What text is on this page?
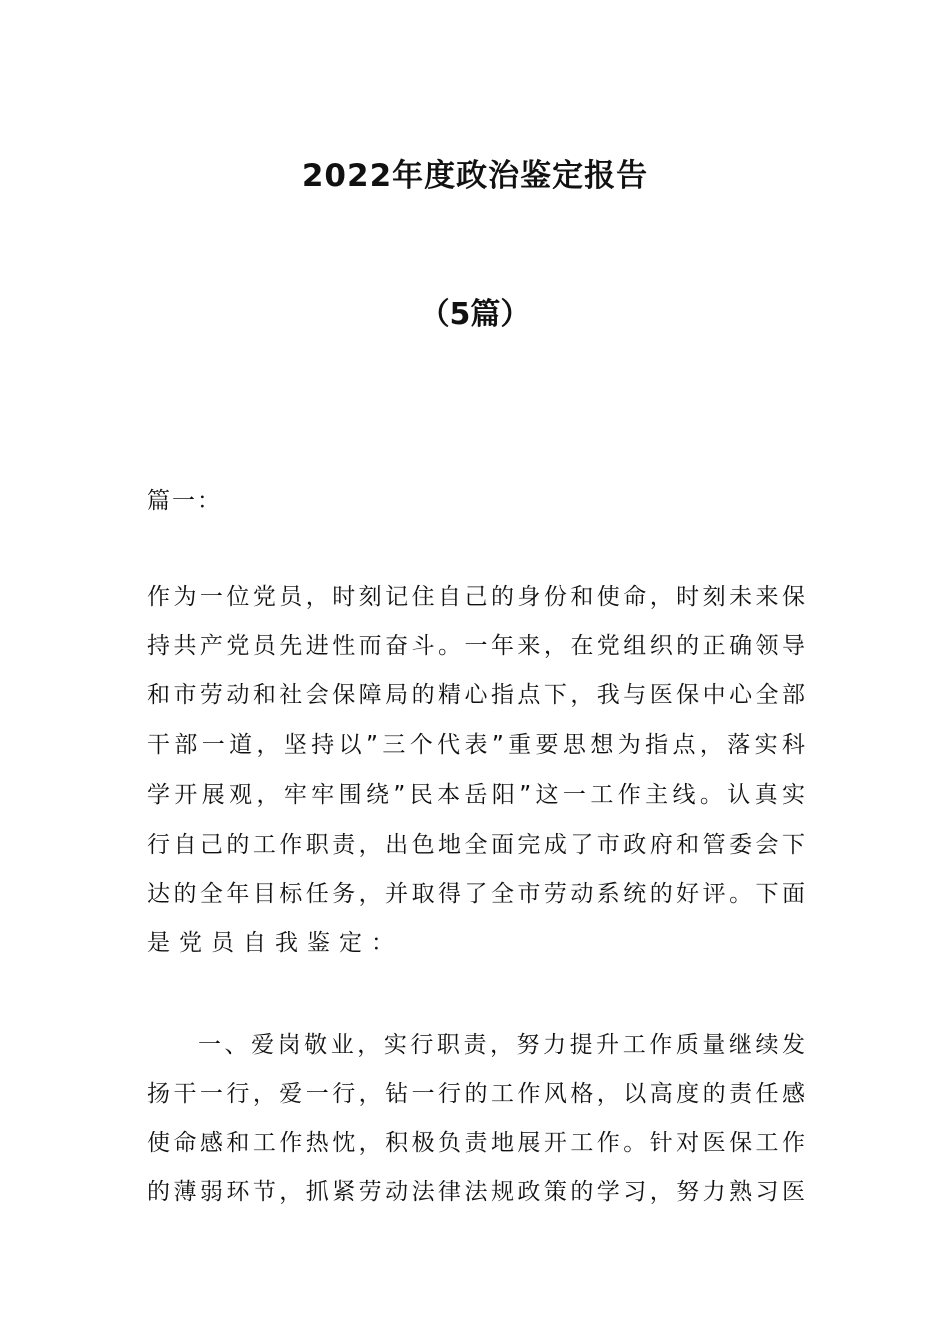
2022年度政治鉴定报告
（5篇）
篇一：
作为一位党员，时刻记住自己的身份和使命，时刻未来保
持共产党员先进性而奋斗。一年来，在党组织的正确领导
和市劳动和社会保障局的精心指点下，我与医保中心全部
干部一道，坚持以”三个代表”重要思想为指点，落实科
学开展观，牢牢围绕”民本岳阳”这一工作主线。认真实
行自己的工作职责，出色地全面完成了市政府和管委会下
达的全年目标任务，并取得了全市劳动系统的好评。下面
是党员自我鉴定：
一、爱岗敬业，实行职责，努力提升工作质量继续发
扬干一行，爱一行，钻一行的工作风格，以高度的责任感
使命感和工作热忱，积极负责地展开工作。针对医保工作
的薄弱环节，抓紧劳动法律法规政策的学习，努力熟习医
